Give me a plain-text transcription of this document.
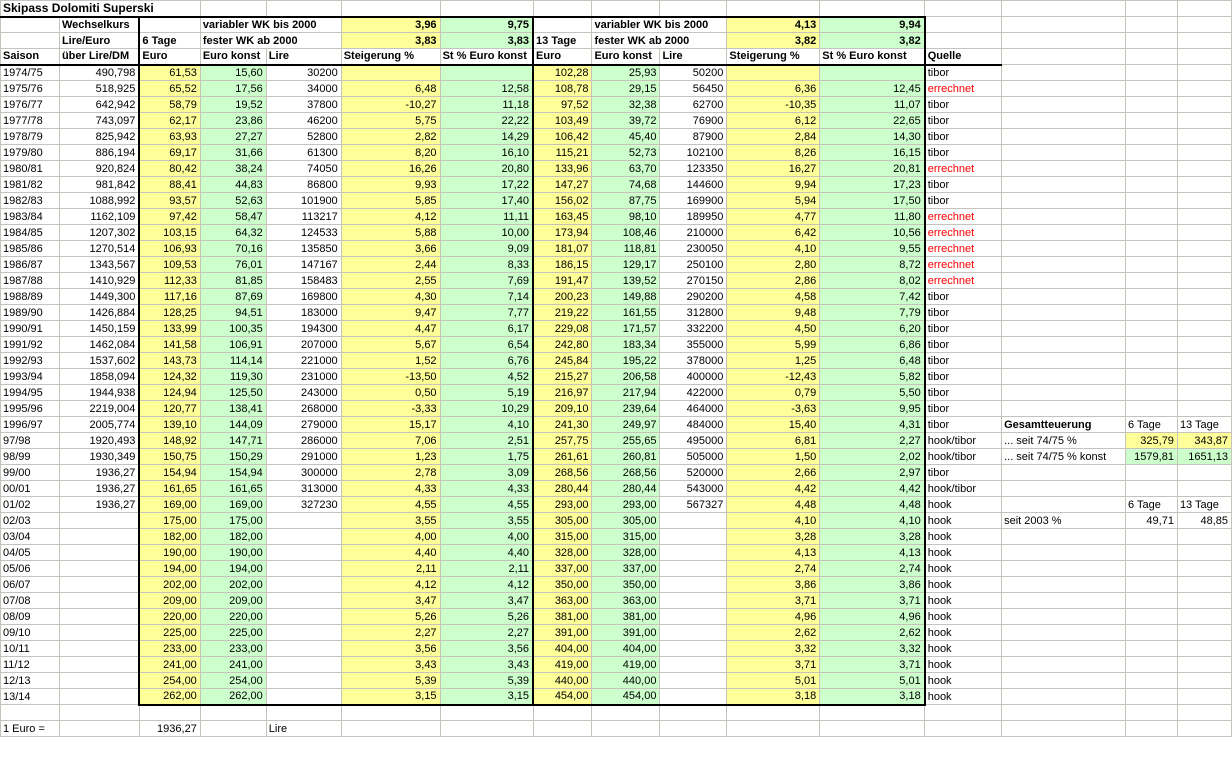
Skipass Dolomiti Superski															
	Wechselkurs		variabler WK bis 2000		3,96	9,75		variabler WK bis 2000		4,13	9,94				
	Lire/Euro	6 Tage	fester WK ab 2000		3,83	3,83	13 Tage	fester WK ab 2000		3,82	3,82				
Saison	über Lire/DM	Euro	Euro konst	Lire	Steigerung %	St % Euro konst	Euro	Euro konst	Lire	Steigerung %	St % Euro konst	Quelle			
1974/75	490,798	61,53	15,60	30200			102,28	25,93	50200			tibor			
1975/76	518,925	65,52	17,56	34000	6,48	12,58	108,78	29,15	56450	6,36	12,45	errechnet			
1976/77	642,942	58,79	19,52	37800	-10,27	11,18	97,52	32,38	62700	-10,35	11,07	tibor			
1977/78	743,097	62,17	23,86	46200	5,75	22,22	103,49	39,72	76900	6,12	22,65	tibor			
1978/79	825,942	63,93	27,27	52800	2,82	14,29	106,42	45,40	87900	2,84	14,30	tibor			
1979/80	886,194	69,17	31,66	61300	8,20	16,10	115,21	52,73	102100	8,26	16,15	tibor			
1980/81	920,824	80,42	38,24	74050	16,26	20,80	133,96	63,70	123350	16,27	20,81	errechnet			
1981/82	981,842	88,41	44,83	86800	9,93	17,22	147,27	74,68	144600	9,94	17,23	tibor			
1982/83	1088,992	93,57	52,63	101900	5,85	17,40	156,02	87,75	169900	5,94	17,50	tibor			
1983/84	1162,109	97,42	58,47	113217	4,12	11,11	163,45	98,10	189950	4,77	11,80	errechnet			
1984/85	1207,302	103,15	64,32	124533	5,88	10,00	173,94	108,46	210000	6,42	10,56	errechnet			
1985/86	1270,514	106,93	70,16	135850	3,66	9,09	181,07	118,81	230050	4,10	9,55	errechnet			
1986/87	1343,567	109,53	76,01	147167	2,44	8,33	186,15	129,17	250100	2,80	8,72	errechnet			
1987/88	1410,929	112,33	81,85	158483	2,55	7,69	191,47	139,52	270150	2,86	8,02	errechnet			
1988/89	1449,300	117,16	87,69	169800	4,30	7,14	200,23	149,88	290200	4,58	7,42	tibor			
1989/90	1426,884	128,25	94,51	183000	9,47	7,77	219,22	161,55	312800	9,48	7,79	tibor			
1990/91	1450,159	133,99	100,35	194300	4,47	6,17	229,08	171,57	332200	4,50	6,20	tibor			
1991/92	1462,084	141,58	106,91	207000	5,67	6,54	242,80	183,34	355000	5,99	6,86	tibor			
1992/93	1537,602	143,73	114,14	221000	1,52	6,76	245,84	195,22	378000	1,25	6,48	tibor			
1993/94	1858,094	124,32	119,30	231000	-13,50	4,52	215,27	206,58	400000	-12,43	5,82	tibor			
1994/95	1944,938	124,94	125,50	243000	0,50	5,19	216,97	217,94	422000	0,79	5,50	tibor			
1995/96	2219,004	120,77	138,41	268000	-3,33	10,29	209,10	239,64	464000	-3,63	9,95	tibor			
1996/97	2005,774	139,10	144,09	279000	15,17	4,10	241,30	249,97	484000	15,40	4,31	tibor	Gesamtteuerung	6 Tage	13 Tage
97/98	1920,493	148,92	147,71	286000	7,06	2,51	257,75	255,65	495000	6,81	2,27	hook/tibor	... seit 74/75 %	325,79	343,87
98/99	1930,349	150,75	150,29	291000	1,23	1,75	261,61	260,81	505000	1,50	2,02	hook/tibor	... seit 74/75 % konst	1579,81	1651,13
99/00	1936,27	154,94	154,94	300000	2,78	3,09	268,56	268,56	520000	2,66	2,97	tibor			
00/01	1936,27	161,65	161,65	313000	4,33	4,33	280,44	280,44	543000	4,42	4,42	hook/tibor			
01/02	1936,27	169,00	169,00	327230	4,55	4,55	293,00	293,00	567327	4,48	4,48	hook		6 Tage	13 Tage
02/03		175,00	175,00		3,55	3,55	305,00	305,00		4,10	4,10	hook	seit 2003 %	49,71	48,85
03/04		182,00	182,00		4,00	4,00	315,00	315,00		3,28	3,28	hook			
04/05		190,00	190,00		4,40	4,40	328,00	328,00		4,13	4,13	hook			
05/06		194,00	194,00		2,11	2,11	337,00	337,00		2,74	2,74	hook			
06/07		202,00	202,00		4,12	4,12	350,00	350,00		3,86	3,86	hook			
07/08		209,00	209,00		3,47	3,47	363,00	363,00		3,71	3,71	hook			
08/09		220,00	220,00		5,26	5,26	381,00	381,00		4,96	4,96	hook			
09/10		225,00	225,00		2,27	2,27	391,00	391,00		2,62	2,62	hook			
10/11		233,00	233,00		3,56	3,56	404,00	404,00		3,32	3,32	hook			
11/12		241,00	241,00		3,43	3,43	419,00	419,00		3,71	3,71	hook			
12/13		254,00	254,00		5,39	5,39	440,00	440,00		5,01	5,01	hook			
13/14		262,00	262,00		3,15	3,15	454,00	454,00		3,18	3,18	hook			

1 Euro =		1936,27		Lire											
